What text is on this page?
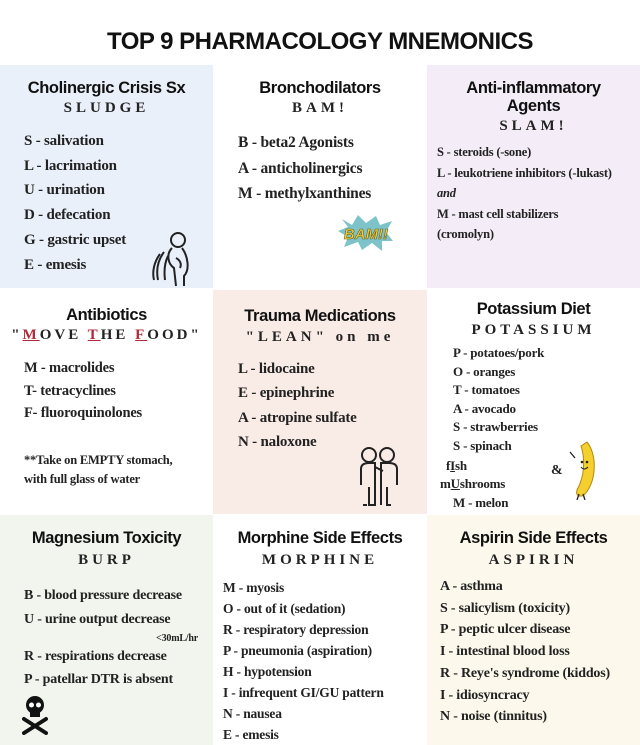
TOP 9 PHARMACOLOGY MNEMONICS
Cholinergic Crisis Sx
SLUDGE
S - salivation
L - lacrimation
U - urination
D - defecation
G - gastric upset
E - emesis
Bronchodilators
BAM!
B - beta2 Agonists
A - anticholinergics
M - methylxanthines
BAM!!
Anti-inflammatory Agents
SLAM!
S - steroids (-sone)
L - leukotriene inhibitors (-lukast)
and
M - mast cell stabilizers
(cromolyn)
Antibiotics
"MOVE THE FOOD"
M - macrolides
T- tetracyclines
F- fluoroquinolones
**Take on EMPTY stomach,
with full glass of water
Trauma Medications
"LEAN" on me
L - lidocaine
E - epinephrine
A - atropine sulfate
N - naloxone
Potassium Diet
POTASSIUM
P - potatoes/pork
O - oranges
T - tomatoes
A - avocado
S - strawberries
S - spinach
fIsh
mUshrooms
M - melon
&
Magnesium Toxicity
BURP
B - blood pressure decrease
U - urine output decrease
<30mL/hr
R - respirations decrease
P - patellar DTR is absent
Morphine Side Effects
MORPHINE
M - myosis
O - out of it (sedation)
R - respiratory depression
P - pneumonia (aspiration)
H - hypotension
I - infrequent GI/GU pattern
N - nausea
E - emesis
Aspirin Side Effects
ASPIRIN
A - asthma
S - salicylism (toxicity)
P - peptic ulcer disease
I - intestinal blood loss
R - Reye's syndrome (kiddos)
I - idiosyncracy
N - noise (tinnitus)
